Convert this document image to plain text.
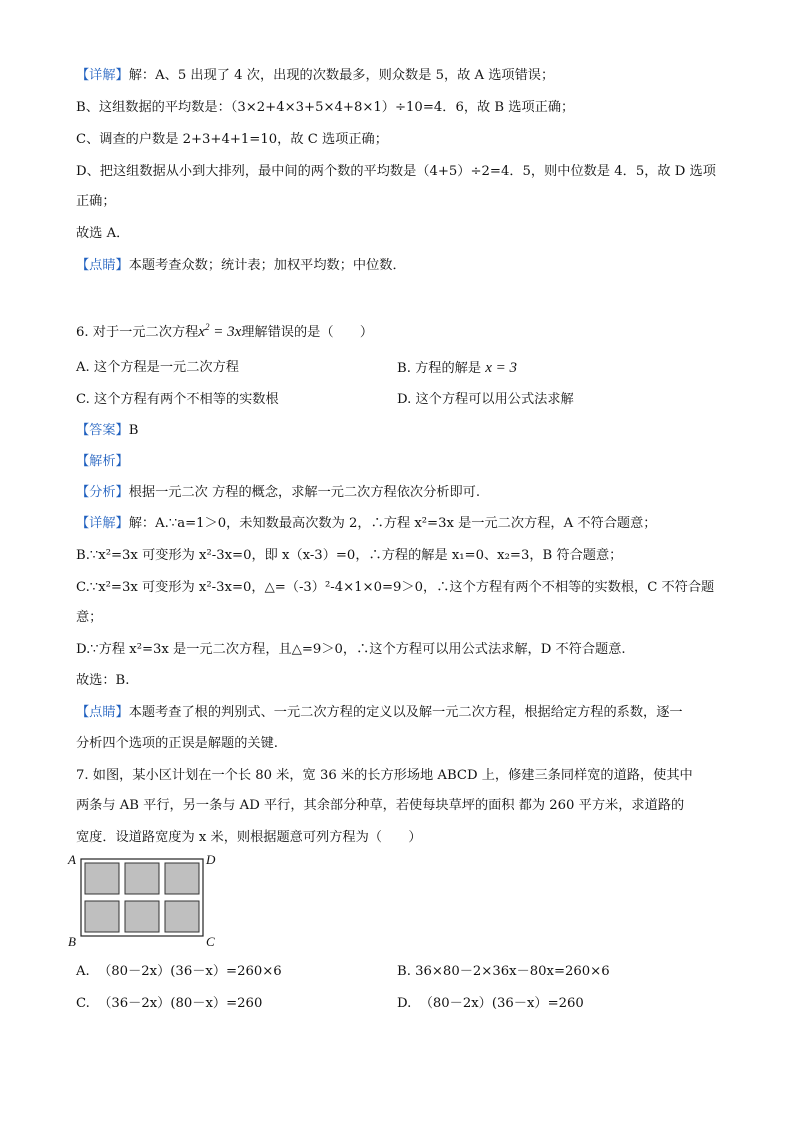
【详解】解：A、5 出现了 4 次，出现的次数最多，则众数是 5，故 A 选项错误；
B、这组数据的平均数是：（3×2+4×3+5×4+8×1）÷10=4．6，故 B 选项正确；
C、调查的户数是 2+3+4+1=10，故 C 选项正确；
D、把这组数据从小到大排列，最中间的两个数的平均数是（4+5）÷2=4．5，则中位数是 4．5，故 D 选项
正确；
故选 A．
【点睛】本题考查众数；统计表；加权平均数；中位数．
6. 对于一元二次方程$x^2 = 3x$理解错误的是（　　）
A. 这个方程是一元二次方程	B. 方程的解是 x = 3
C. 这个方程有两个不相等的实数根	D. 这个方程可以用公式法求解
【答案】B
【解析】
【分析】根据一元二次 方程的概念，求解一元二次方程依次分析即可.
【详解】解：A.∵a=1＞0，未知数最高次数为 2，∴方程 x²=3x 是一元二次方程，A 不符合题意；
B.∵x²=3x 可变形为 x²-3x=0，即 x（x-3）=0，∴方程的解是 x₁=0、x₂=3，B 符合题意；
C.∵x²=3x 可变形为 x²-3x=0，△=（-3）²-4×1×0=9＞0，∴这个方程有两个不相等的实数根，C 不符合题
意；
D.∵方程 x²=3x 是一元二次方程，且△=9＞0，∴这个方程可以用公式法求解，D 不符合题意.
故选：B.
【点睛】本题考查了根的判别式、一元二次方程的定义以及解一元二次方程，根据给定方程的系数，逐一
分析四个选项的正误是解题的关键.
7. 如图，某小区计划在一个长 80 米，宽 36 米的长方形场地 ABCD 上，修建三条同样宽的道路，使其中
两条与 AB 平行，另一条与 AD 平行，其余部分种草，若使每块草坪的面积 都为 260 平方米，求道路的
宽度．设道路宽度为 x 米，则根据题意可列方程为（　　）
A	D
B	C
A. （80－2x）(36－x）=260×6	B. 36×80－2×36x－80x=260×6
C. （36－2x）(80－x）=260	D. （80－2x）(36－x）=260
